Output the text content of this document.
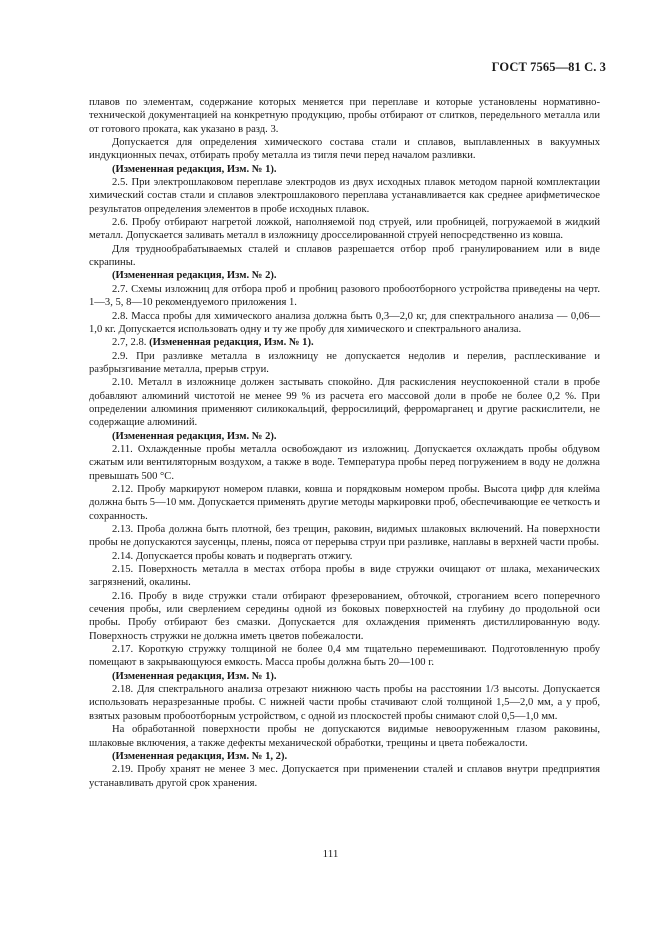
ГОСТ 7565—81 С. 3

плавов по элементам, содержание которых меняется при переплаве и которые установлены нормативно-технической документацией на конкретную продукцию, пробы отбирают от слитков, передельного металла или от готового проката, как указано в разд. 3.

Допускается для определения химического состава стали и сплавов, выплавленных в вакуумных индукционных печах, отбирать пробу металла из тигля печи перед началом разливки.

(Измененная редакция, Изм. № 1).

2.5. При электрошлаковом переплаве электродов из двух исходных плавок методом парной комплектации химический состав стали и сплавов электрошлакового переплава устанавливается как среднее арифметическое результатов определения элементов в пробе исходных плавок.

2.6. Пробу отбирают нагретой ложкой, наполняемой под струей, или пробницей, погружаемой в жидкий металл. Допускается заливать металл в изложницу дросселированной струей непосредственно из ковша.

Для труднообрабатываемых сталей и сплавов разрешается отбор проб гранулированием или в виде скрапины.

(Измененная редакция, Изм. № 2).

2.7. Схемы изложниц для отбора проб и пробниц разового пробоотборного устройства приведены на черт. 1—3, 5, 8—10 рекомендуемого приложения 1.

2.8. Масса пробы для химического анализа должна быть 0,3—2,0 кг, для спектрального анализа — 0,06—1,0 кг. Допускается использовать одну и ту же пробу для химического и спектрального анализа.

2.7, 2.8. (Измененная редакция, Изм. № 1).

2.9. При разливке металла в изложницу не допускается недолив и перелив, расплескивание и разбрызгивание металла, прерыв струи.

2.10. Металл в изложнице должен застывать спокойно. Для раскисления неуспокоенной стали в пробе добавляют алюминий чистотой не менее 99 % из расчета его массовой доли в пробе не более 0,2 %. При определении алюминия применяют силикокальций, ферросилиций, ферромарганец и другие раскислители, не содержащие алюминий.

(Измененная редакция, Изм. № 2).

2.11. Охлажденные пробы металла освобождают из изложниц. Допускается охлаждать пробы обдувом сжатым или вентиляторным воздухом, а также в воде. Температура пробы перед погружением в воду не должна превышать 500 °С.

2.12. Пробу маркируют номером плавки, ковша и порядковым номером пробы. Высота цифр для клейма должна быть 5—10 мм. Допускается применять другие методы маркировки проб, обеспечивающие ее четкость и сохранность.

2.13. Проба должна быть плотной, без трещин, раковин, видимых шлаковых включений. На поверхности пробы не допускаются заусенцы, плены, пояса от перерыва струи при разливке, наплавы в верхней части пробы.

2.14. Допускается пробы ковать и подвергать отжигу.

2.15. Поверхность металла в местах отбора пробы в виде стружки очищают от шлака, механических загрязнений, окалины.

2.16. Пробу в виде стружки стали отбирают фрезерованием, обточкой, строганием всего поперечного сечения пробы, или сверлением середины одной из боковых поверхностей на глубину до продольной оси пробы. Пробу отбирают без смазки. Допускается для охлаждения применять дистиллированную воду. Поверхность стружки не должна иметь цветов побежалости.

2.17. Короткую стружку толщиной не более 0,4 мм тщательно перемешивают. Подготовленную пробу помещают в закрывающуюся емкость. Масса пробы должна быть 20—100 г.

(Измененная редакция, Изм. № 1).

2.18. Для спектрального анализа отрезают нижнюю часть пробы на расстоянии 1/3 высоты. Допускается использовать неразрезанные пробы. С нижней части пробы стачивают слой толщиной 1,5—2,0 мм, а у проб, взятых разовым пробоотборным устройством, с одной из плоскостей пробы снимают слой 0,5—1,0 мм.

На обработанной поверхности пробы не допускаются видимые невооруженным глазом раковины, шлаковые включения, а также дефекты механической обработки, трещины и цвета побежалости.

(Измененная редакция, Изм. № 1, 2).

2.19. Пробу хранят не менее 3 мес. Допускается при применении сталей и сплавов внутри предприятия устанавливать другой срок хранения.

111
